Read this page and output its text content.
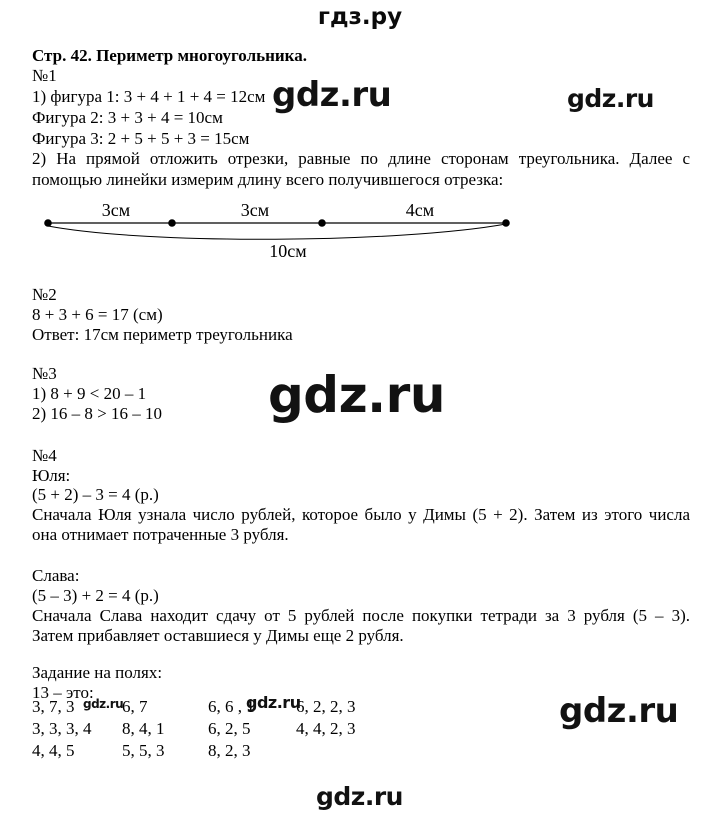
гдз.ру
Стр. 42. Периметр многоугольника.
№1
1) фигура 1: 3 + 4 + 1 + 4 = 12см
Фигура 2: 3 + 3 + 4 = 10см
Фигура 3: 2 + 5 + 5 + 3 = 15см
2) На прямой отложить отрезки, равные по длине сторонам треугольника. Далее с
помощью линейки измерим длину всего получившегося отрезка:
3см	3см	4см
10см
№2
8 + 3 + 6 = 17 (см)
Ответ: 17см периметр треугольника
№3
1) 8 + 9 < 20 – 1
2) 16 – 8 > 16 – 10
№4
Юля:
(5 + 2) – 3 = 4 (р.)
Сначала Юля узнала число рублей, которое было у Димы (5 + 2). Затем из этого числа
она отнимает потраченные 3 рубля.
Слава:
(5 – 3) + 2 = 4 (р.)
Сначала Слава находит сдачу от 5 рублей после покупки тетради за 3 рубля (5 – 3).
Затем прибавляет оставшиеся у Димы еще 2 рубля.
Задание на полях:
13 – это:
3, 7, 3	6, 7	6, 6 , 1	6, 2, 2, 3
3, 3, 3, 4	8, 4, 1	6, 2, 5	4, 4, 2, 3
4, 4, 5	5, 5, 3	8, 2, 3
gdz.ru	gdz.ru
gdz.ru
gdz.ru	gdz.ru	gdz.ru
gdz.ru
